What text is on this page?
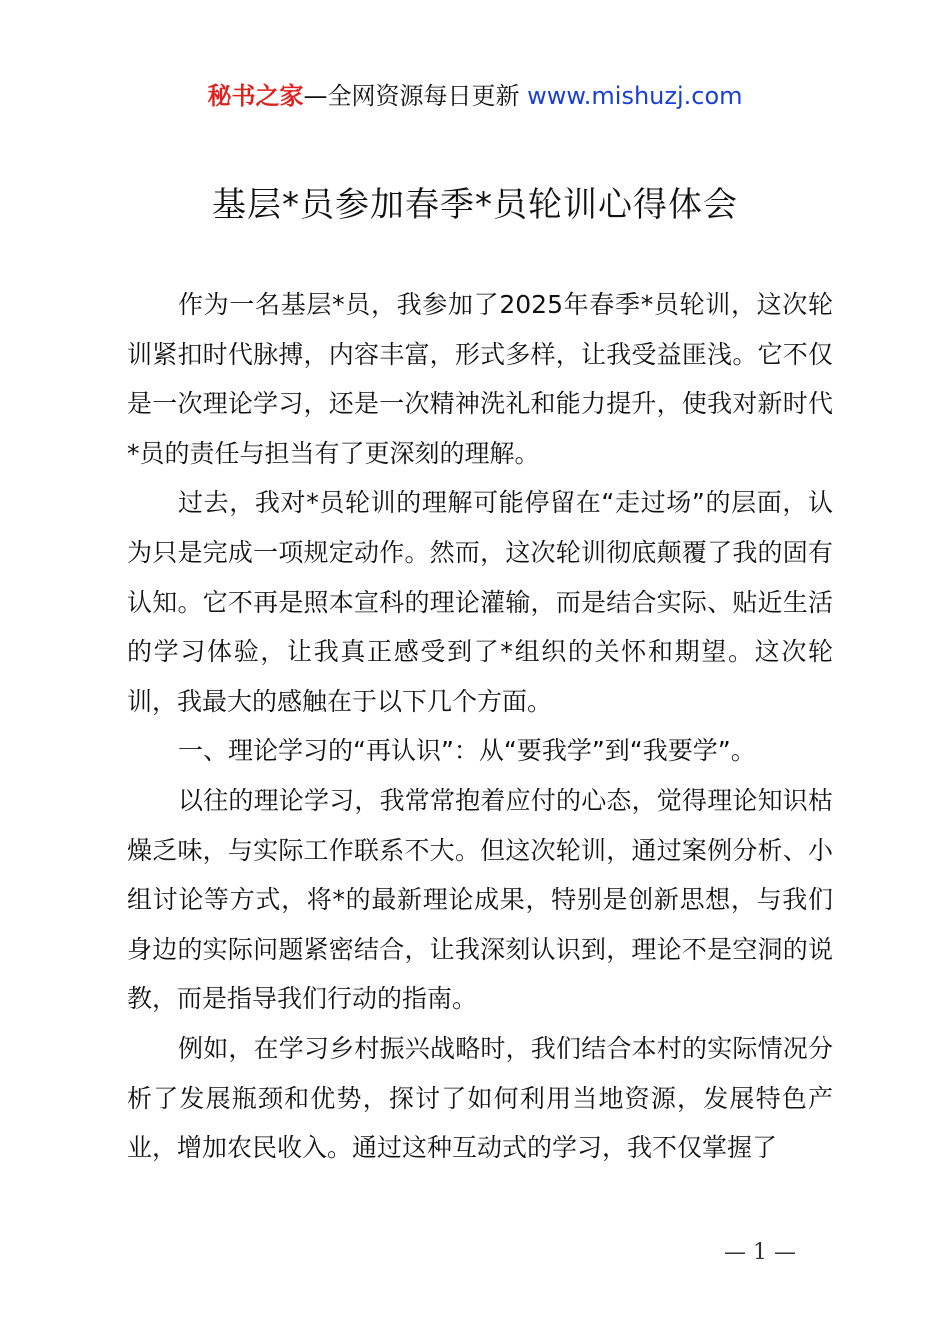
秘书之家—全网资源每日更新 www.mishuzj.com
基层*员参加春季*员轮训心得体会

作为一名基层*员，我参加了2025年春季*员轮训，这次轮训紧扣时代脉搏，内容丰富，形式多样，让我受益匪浅。它不仅是一次理论学习，还是一次精神洗礼和能力提升，使我对新时代*员的责任与担当有了更深刻的理解。

过去，我对*员轮训的理解可能停留在“走过场”的层面，认为只是完成一项规定动作。然而，这次轮训彻底颠覆了我的固有认知。它不再是照本宣科的理论灌输，而是结合实际、贴近生活的学习体验，让我真正感受到了*组织的关怀和期望。这次轮训，我最大的感触在于以下几个方面。

一、理论学习的“再认识”：从“要我学”到“我要学”。

以往的理论学习，我常常抱着应付的心态，觉得理论知识枯燥乏味，与实际工作联系不大。但这次轮训，通过案例分析、小组讨论等方式，将*的最新理论成果，特别是创新思想，与我们身边的实际问题紧密结合，让我深刻认识到，理论不是空洞的说教，而是指导我们行动的指南。

例如，在学习乡村振兴战略时，我们结合本村的实际情况分析了发展瓶颈和优势，探讨了如何利用当地资源，发展特色产业，增加农民收入。通过这种互动式的学习，我不仅掌握了

— 1 —
